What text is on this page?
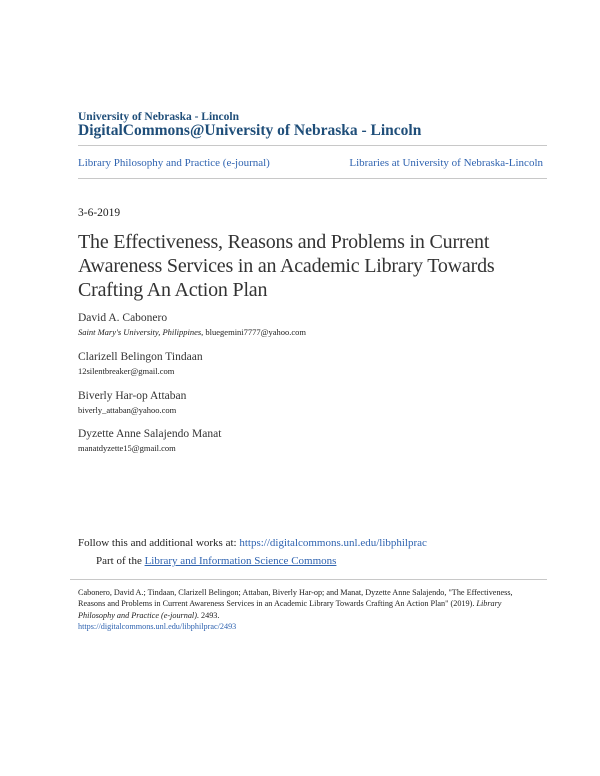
University of Nebraska - Lincoln
DigitalCommons@University of Nebraska - Lincoln
Library Philosophy and Practice (e-journal)	Libraries at University of Nebraska-Lincoln
3-6-2019
The Effectiveness, Reasons and Problems in Current Awareness Services in an Academic Library Towards Crafting An Action Plan
David A. Cabonero
Saint Mary's University, Philippines, bluegemini7777@yahoo.com
Clarizell Belingon Tindaan
12silentbreaker@gmail.com
Biverly Har-op Attaban
biverly_attaban@yahoo.com
Dyzette Anne Salajendo Manat
manatdyzette15@gmail.com
Follow this and additional works at: https://digitalcommons.unl.edu/libphilprac
Part of the Library and Information Science Commons
Cabonero, David A.; Tindaan, Clarizell Belingon; Attaban, Biverly Har-op; and Manat, Dyzette Anne Salajendo, "The Effectiveness, Reasons and Problems in Current Awareness Services in an Academic Library Towards Crafting An Action Plan" (2019). Library Philosophy and Practice (e-journal). 2493.
https://digitalcommons.unl.edu/libphilprac/2493
